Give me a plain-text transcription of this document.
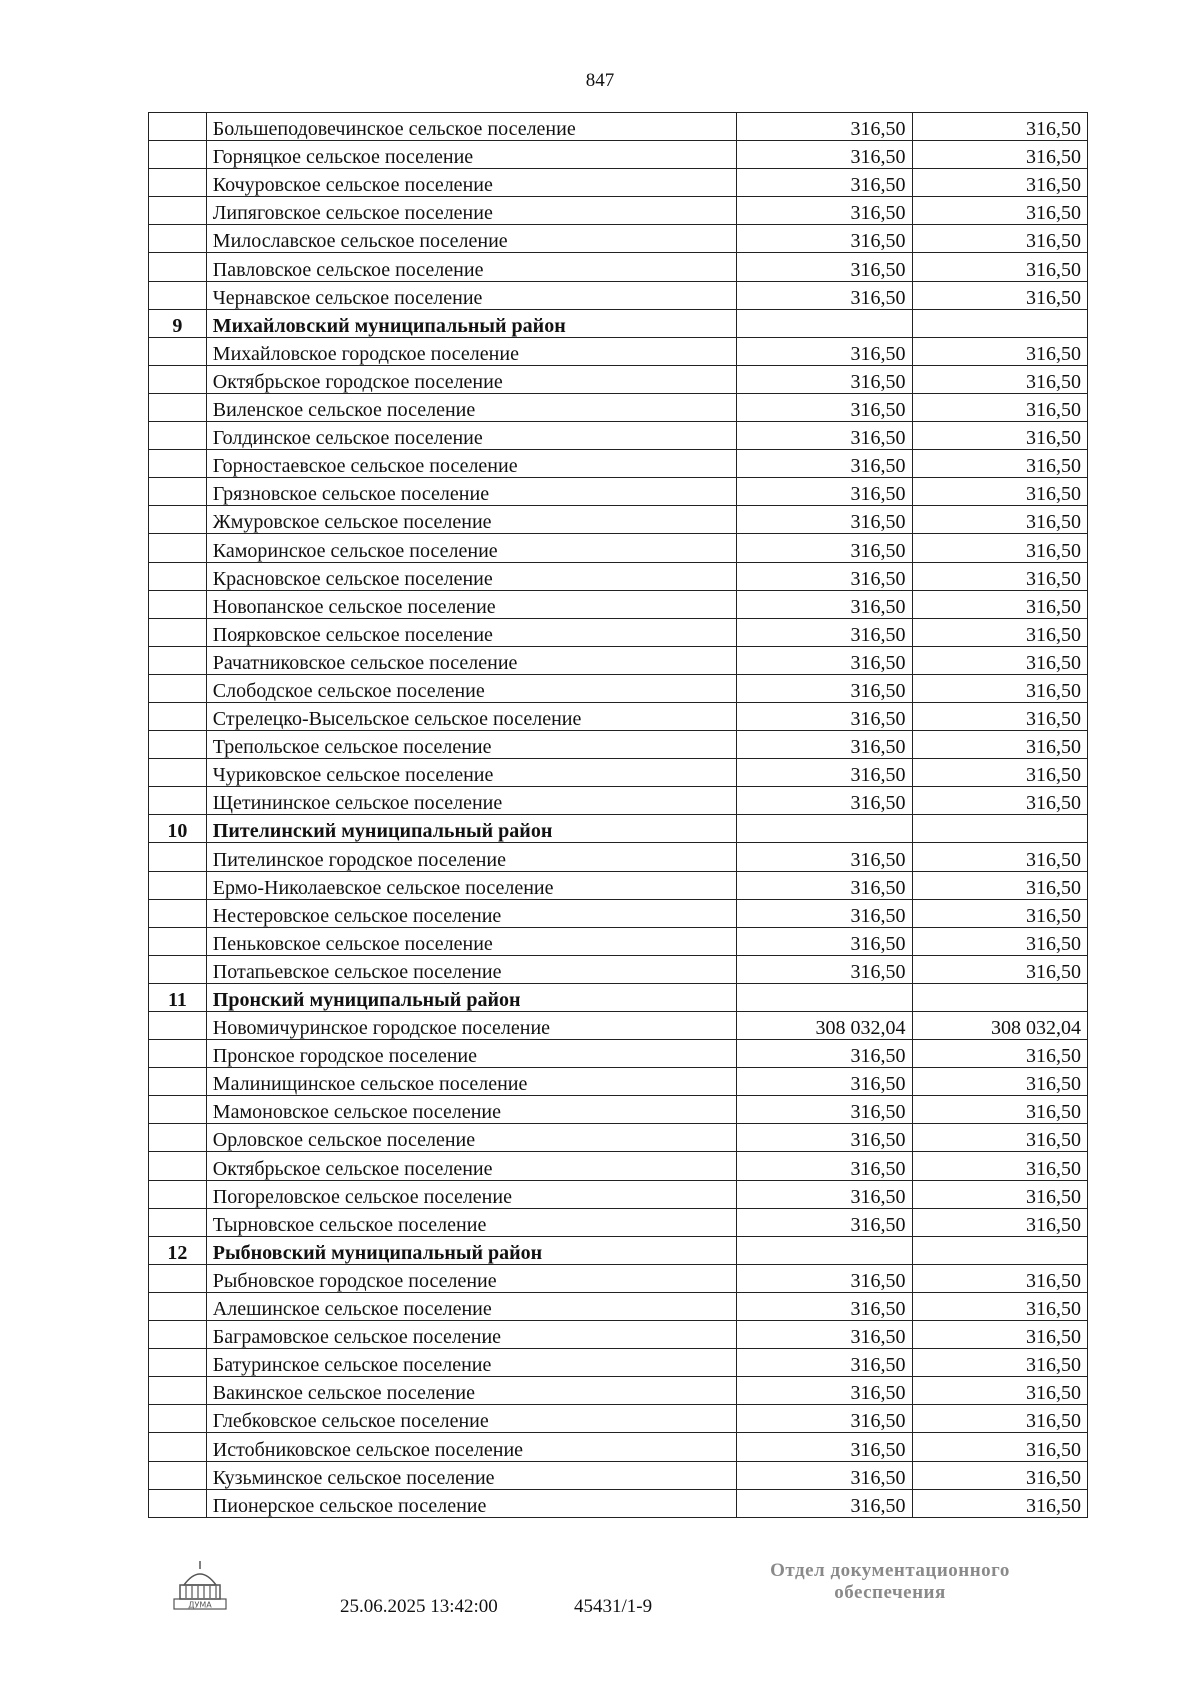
847
	Большеподовечинское сельское поселение	316,50	316,50
	Горняцкое сельское поселение	316,50	316,50
	Кочуровское сельское поселение	316,50	316,50
	Липяговское сельское поселение	316,50	316,50
	Милославское сельское поселение	316,50	316,50
	Павловское сельское поселение	316,50	316,50
	Чернавское сельское поселение	316,50	316,50
9	Михайловский муниципальный район		
	Михайловское городское поселение	316,50	316,50
	Октябрьское городское поселение	316,50	316,50
	Виленское сельское поселение	316,50	316,50
	Голдинское сельское поселение	316,50	316,50
	Горностаевское сельское поселение	316,50	316,50
	Грязновское сельское поселение	316,50	316,50
	Жмуровское сельское поселение	316,50	316,50
	Каморинское сельское поселение	316,50	316,50
	Красновское сельское поселение	316,50	316,50
	Новопанское сельское поселение	316,50	316,50
	Поярковское сельское поселение	316,50	316,50
	Рачатниковское сельское поселение	316,50	316,50
	Слободское сельское поселение	316,50	316,50
	Стрелецко-Высельское сельское поселение	316,50	316,50
	Трепольское сельское поселение	316,50	316,50
	Чуриковское сельское поселение	316,50	316,50
	Щетининское сельское поселение	316,50	316,50
10	Пителинский муниципальный район		
	Пителинское городское поселение	316,50	316,50
	Ермо-Николаевское сельское поселение	316,50	316,50
	Нестеровское сельское поселение	316,50	316,50
	Пеньковское сельское поселение	316,50	316,50
	Потапьевское сельское поселение	316,50	316,50
11	Пронский муниципальный район		
	Новомичуринское городское поселение	308 032,04	308 032,04
	Пронское городское поселение	316,50	316,50
	Малинищинское сельское поселение	316,50	316,50
	Мамоновское сельское поселение	316,50	316,50
	Орловское сельское поселение	316,50	316,50
	Октябрьское сельское поселение	316,50	316,50
	Погореловское сельское поселение	316,50	316,50
	Тырновское сельское поселение	316,50	316,50
12	Рыбновский муниципальный район		
	Рыбновское городское поселение	316,50	316,50
	Алешинское сельское поселение	316,50	316,50
	Баграмовское сельское поселение	316,50	316,50
	Батуринское сельское поселение	316,50	316,50
	Вакинское сельское поселение	316,50	316,50
	Глебковское сельское поселение	316,50	316,50
	Истобниковское сельское поселение	316,50	316,50
	Кузьминское сельское поселение	316,50	316,50
	Пионерское сельское поселение	316,50	316,50
ДУМА	25.06.2025 13:42:00	45431/1-9
Отдел документационного
обеспечения
